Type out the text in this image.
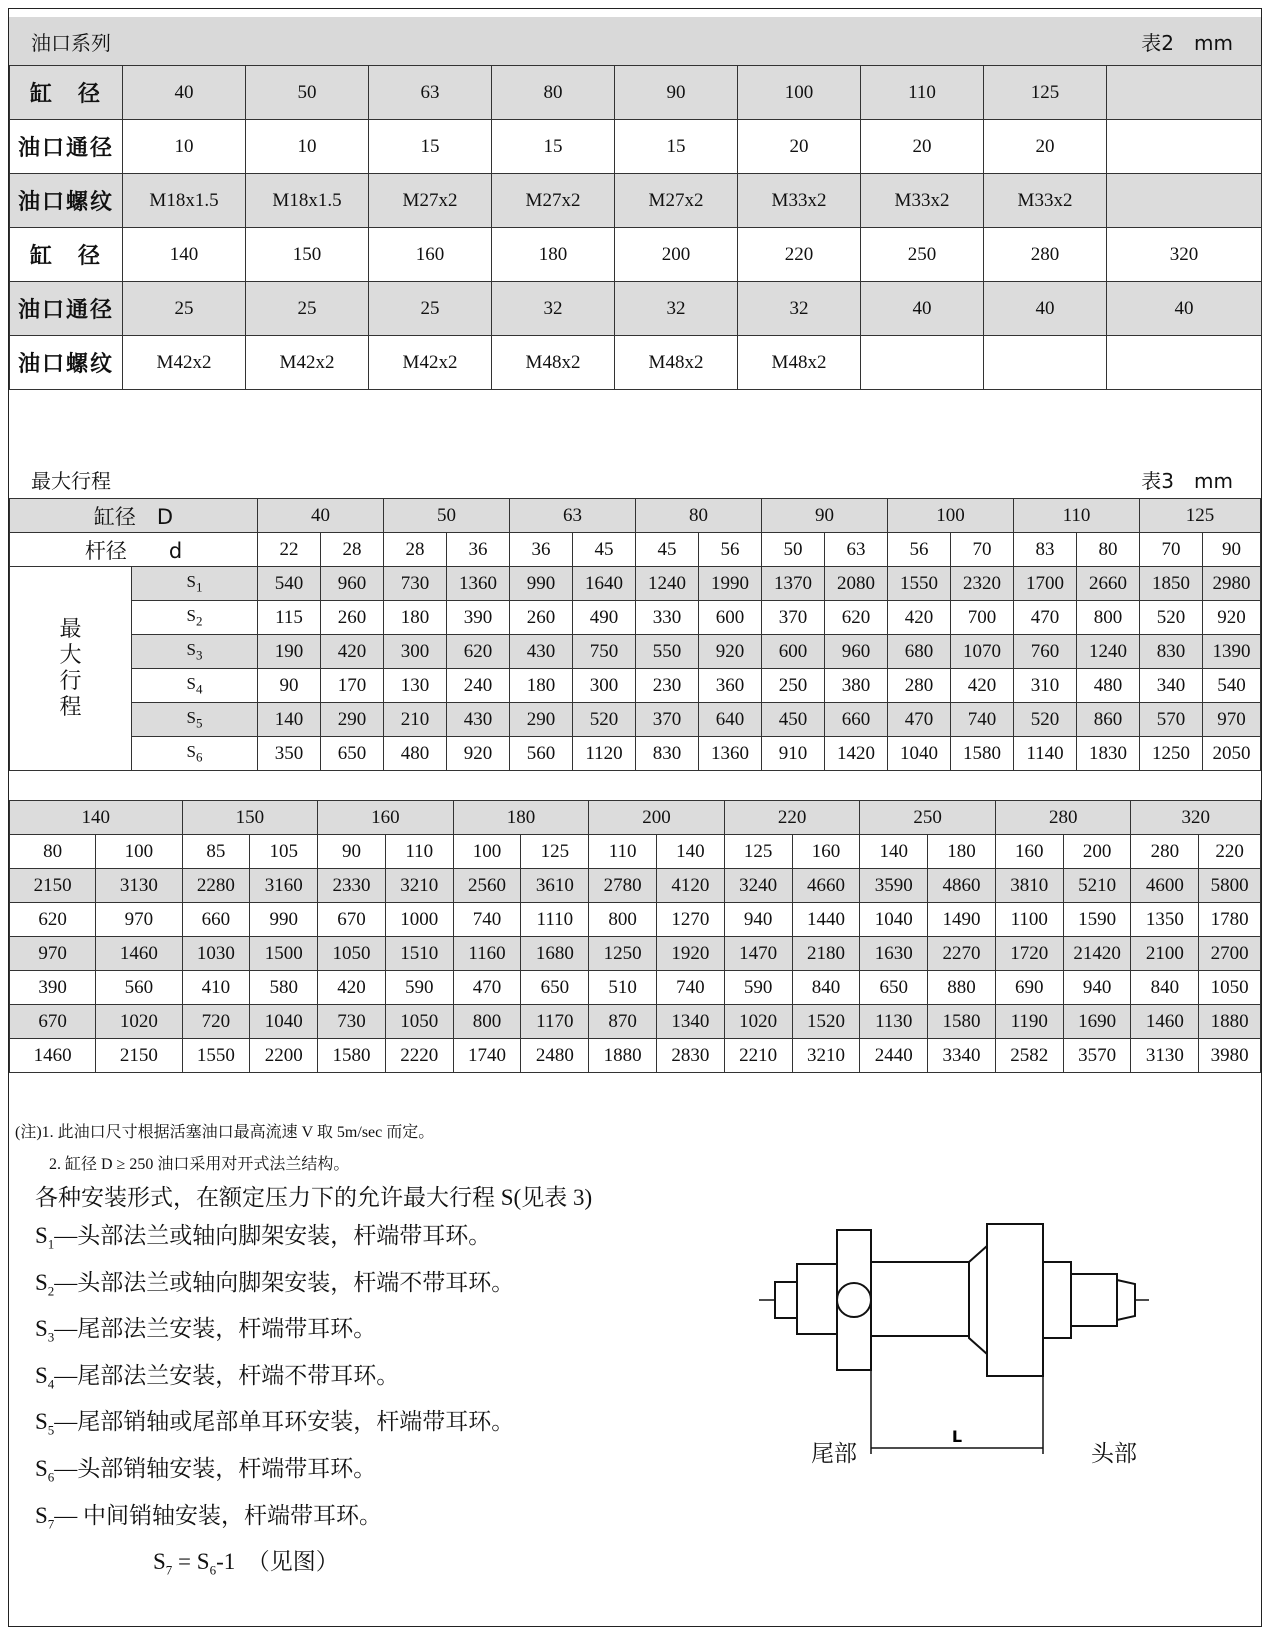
油口系列	表2　mm
缸　径	40	50	63	80	90	100	110	125	
油口通径	10	10	15	15	15	20	20	20	
油口螺纹	M18x1.5	M18x1.5	M27x2	M27x2	M27x2	M33x2	M33x2	M33x2	
缸　径	140	150	160	180	200	220	250	280	320
油口通径	25	25	25	32	32	32	40	40	40
油口螺纹	M42x2	M42x2	M42x2	M48x2	M48x2	M48x2			
最大行程	表3　mm
缸径　D		40		50		63		80		90		100		110		125	
杆径　　d		22	28	28	36	36	45	45	56	50	63	56	70	83	80	70	90
最
大
行
程	$S_1$	540	960	730	1360	990	1640	1240	1990	1370	2080	1550	2320	1700	2660	1850	2980
	$S_2$	115	260	180	390	260	490	330	600	370	620	420	700	470	800	520	920
	$S_3$	190	420	300	620	430	750	550	920	600	960	680	1070	760	1240	830	1390
	$S_4$	90	170	130	240	180	300	230	360	250	380	280	420	310	480	340	540
	$S_5$	140	290	210	430	290	520	370	640	450	660	470	740	520	860	570	970
	$S_6$	350	650	480	920	560	1120	830	1360	910	1420	1040	1580	1140	1830	1250	2050
140		150		160		180		200		220		250		280		320	
80	100	85	105	90	110	100	125	110	140	125	160	140	180	160	200	280	220
2150	3130	2280	3160	2330	3210	2560	3610	2780	4120	3240	4660	3590	4860	3810	5210	4600	5800
620	970	660	990	670	1000	740	1110	800	1270	940	1440	1040	1490	1100	1590	1350	1780
970	1460	1030	1500	1050	1510	1160	1680	1250	1920	1470	2180	1630	2270	1720	21420	2100	2700
390	560	410	580	420	590	470	650	510	740	590	840	650	880	690	940	840	1050
670	1020	720	1040	730	1050	800	1170	870	1340	1020	1520	1130	1580	1190	1690	1460	1880
1460	2150	1550	2200	1580	2220	1740	2480	1880	2830	2210	3210	2440	3340	2582	3570	3130	3980
(注)1. 此油口尺寸根据活塞油口最高流速 V 取 5m/sec 而定。
2. 缸径 D ≥ 250 油口采用对开式法兰结构。
各种安装形式，在额定压力下的允许最大行程 S(见表 3)
$S_1—$头部法兰或轴向脚架安装，杆端带耳环。
$S_2—$头部法兰或轴向脚架安装，杆端不带耳环。
$S_3—$尾部法兰安装，杆端带耳环。
$S_4—$尾部法兰安装，杆端不带耳环。
$S_5—$尾部销轴或尾部单耳环安装，杆端带耳环。
$S_6—$头部销轴安装，杆端带耳环。
$S_7—$ 中间销轴安装，杆端带耳环。
$S_7 = S_6-1$　（见图）
L
尾部	头部
